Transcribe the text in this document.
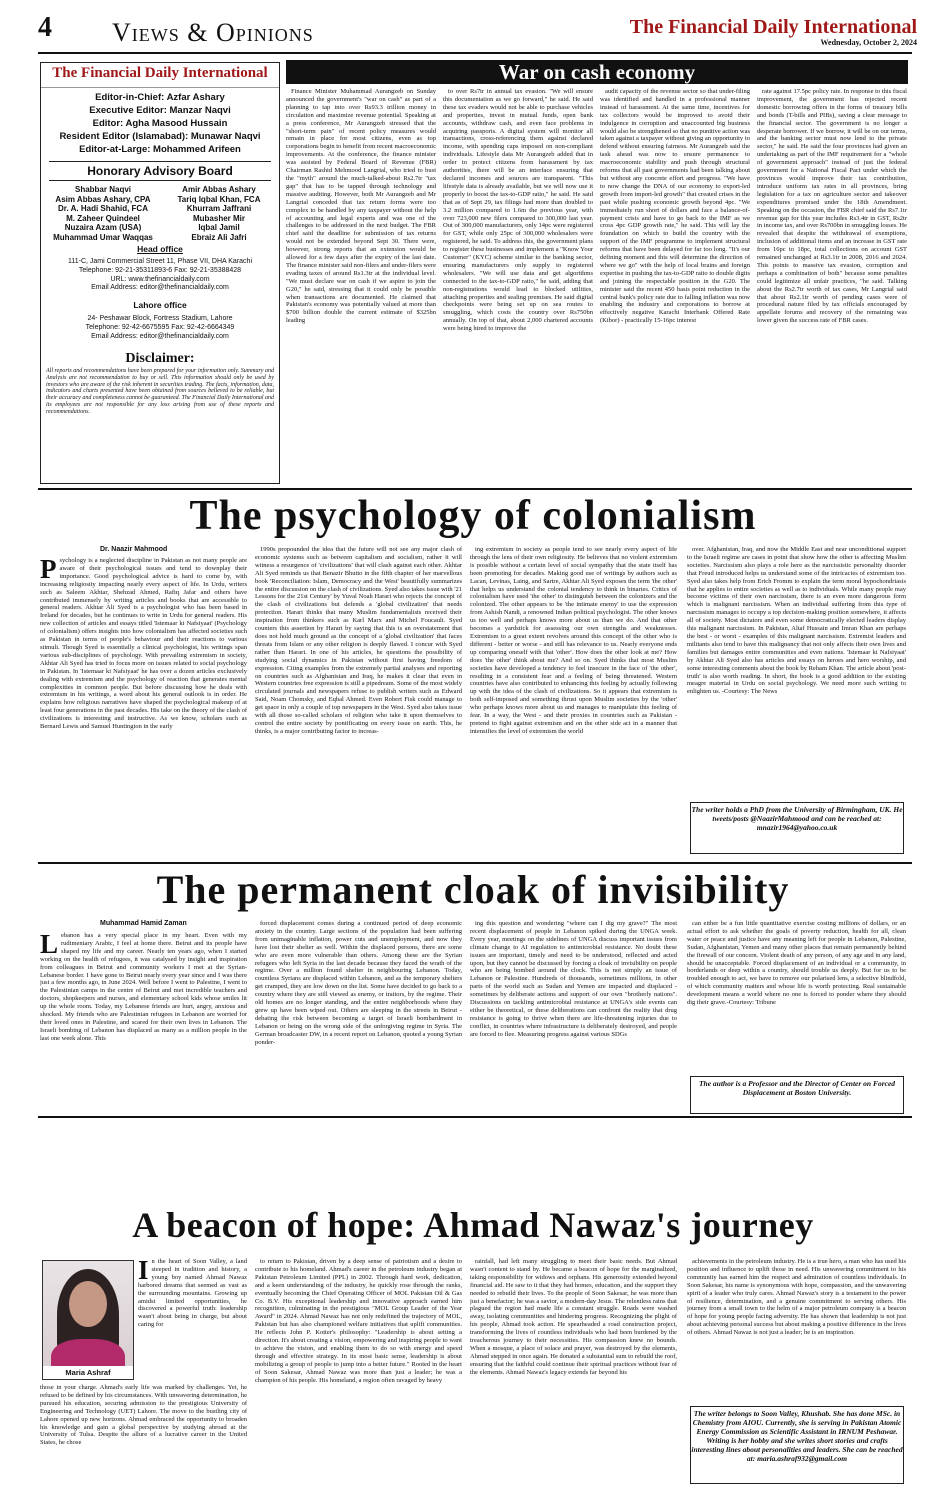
4 Views & Opinions	The Financial Daily International
Wednesday, October 2, 2024
The Financial Daily International
Editor-in-Chief: Azfar Ashary
Executive Editor: Manzar Naqvi
Editor: Agha Masood Hussain
Resident Editor (Islamabad): Munawar Naqvi
Editor-at-Large: Mohammed Arifeen
Honorary Advisory Board
Shabbar Naqvi
Asim Abbas Ashary, CPA
Dr. A. Hadi Shahid, FCA
M. Zaheer Quindeel
Nuzaira Azam (USA)
Muhammad Umar Waqqas
Amir Abbas Ashary
Tariq Iqbal Khan, FCA
Khurram Jaffrani
Mubasher Mir
Iqbal Jamil
Ebraiz Ali Jafri
Head office
111-C, Jami Commercial Street 11, Phase VII, DHA Karachi
Telephone: 92-21-35311893-6 Fax: 92-21-35388428
URL: www.thefinancialdaily.com
Email Address: editor@thefinancialdaily.com
Lahore office
24- Peshawar Block, Fortress Stadium, Lahore
Telephone: 92-42-6675595 Fax: 92-42-6664349
Email Address: editor@thefinancialdaily.com
Disclaimer:
All reports and recommendations have been prepared for your information only. Summary and Analysis are not recommendation to buy or sell. This information should only be used by investors who are aware of the risk inherent in securities trading. The facts, information, data, indicators and charts presented have been obtained from sources believed to be reliable, but their accuracy and completeness cannot be guaranteed. The Financial Daily International and its employees are not responsible for any loss arising from use of these reports and recommendations.
War on cash economy

Finance Minister Muhammad Aurangzeb on Sunday announced the government's "war on cash" as part of a planning to tap into over Rs93.3 trillion money in circulation and maximize revenue potential. Speaking at a press conference, Mr Aurangzeb stressed that the "short-term pain" of recent policy measures would remain in place for most citizens, even as top corporations begin to benefit from recent macroeconomic improvements. At the conference, the finance minister was assisted by Federal Board of Revenue (FBR) Chairman Rashid Mehmood Langrial, who tried to bust the "myth" around the much-talked-about Rs2.7tr "tax gap" that has to be tapped through technology and massive auditing. However, both Mr Aurangzeb and Mr Langrial conceded that tax return forms were too complex to be handled by any taxpayer without the help of accounting and legal experts and was one of the challenges to be addressed in the next budget. The FBR chief said the deadline for submission of tax returns would not be extended beyond Sept 30. There were, however, strong reports that an extension would be allowed for a few days after the expiry of the last date. The finance minister said non-filers and under-filers were evading taxes of around Rs1.3tr at the individual level. "We must declare war on cash if we aspire to join the G20," he said, stressing that it could only be possible when transactions are documented. He claimed that Pakistan's economy was potentially valued at more than $700 billion double the current estimate of $325bn leading

to over Rs7tr in annual tax evasion. "We will ensure this documentation as we go forward," he said. He said these tax evaders would not be able to purchase vehicles and properties, invest in mutual funds, open bank accounts, withdraw cash, and even face problems in acquiring passports. A digital system will monitor all transactions, cross-referencing them against declared income, with spending caps imposed on non-compliant individuals. Lifestyle data Mr Aurangzeb added that in order to protect citizens from harassment by tax authorities, there will be an interface ensuring that declared incomes and sources are transparent. "This lifestyle data is already available, but we will now use it properly to boost the tax-to-GDP ratio," he said. He said that as of Sept 29, tax filings had more than doubled to 3.2 million compared to 1.6m the previous year, with over 723,000 new filers compared to 300,000 last year. Out of 300,000 manufacturers, only 14pc were registered for GST, while only 25pc of 300,000 wholesalers were registered, he said. To address this, the government plans to register these businesses and implement a "Know Your Customer" (KYC) scheme similar to the banking sector, ensuring manufacturers only supply to registered wholesalers. "We will use data and get algorithms connected to the tax-to-GDP ratio," he said, adding that non-registrations would lead to blocked utilities, attaching properties and sealing premises. He said digital checkpoints were being set up on sea routes to smuggling, which costs the country over Rs750bn annually. On top of that, about 2,000 chartered accounts were being hired to improve the

audit capacity of the revenue sector so that under-filing was identified and handled in a professional manner instead of harassment. At the same time, incentives for tax collectors would be improved to avoid their indulgence in corruption and unaccounted big business would also be strengthened so that no punitive action was taken against a taxpayer without giving an opportunity to defend without ensuring fairness. Mr Aurangzeb said the task ahead was now to ensure permanence to macroeconomic stability and push through structural reforms that all past governments had been talking about but without any concrete effort and progress. "We have to now change the DNA of our economy to export-led growth from import-led growth" that created crises in the past while pushing economic growth beyond 4pc. "We immediately run short of dollars and face a balance-of-payment crisis and have to go back to the IMF as we cross 4pc GDP growth rate," he said. This will lay the foundation on which to build the country with the support of the IMF programme to implement structural reforms that have been delayed for far too long. "It's our defining moment and this will determine the direction of where we go" with the help of local brains and foreign expertise in pushing the tax-to-GDP ratio to double digits and joining the respectable position in the G20. The minister said the recent 450 basis point reduction in the central bank's policy rate due to falling inflation was now enabling the industry and corporations to borrow at effectively negative Karachi Interbank Offered Rate (Kibor) - practically 15-16pc interest

rate against 17.5pc policy rate. In response to this fiscal improvement, the government has rejected recent domestic borrowing offers in the forms of treasury bills and bonds (T-bills and PIBs), saving a clear message to the financial sector. The government is no longer a desperate borrower. If we borrow, it will be on our terms, and the banking sector must now lend to the private sector," he said. He said the four provinces had given an undertaking as part of the IMF requirement for a "whole of government approach" instead of just the federal government for a National Fiscal Pact under which the provinces would improve their tax contribution, introduce uniform tax rates in all provinces, bring legislation for a tax on agriculture sector and takeover expenditures promised under the 18th Amendment. Speaking on the occasion, the FBR chief said the Rs7.1tr revenue gap for this year includes Rs3.4tr in GST, Rs2tr in income tax, and over Rs700bn in smuggling losses. He revealed that despite the withdrawal of exemptions, inclusion of additional items and an increase in GST rate from 16pc to 18pc, total collections on account GST remained unchanged at Rs3.1tr in 2008, 2016 and 2024. This points to massive tax evasion, corruption and perhaps a combination of both" because some penalties could legitimize all unfair practices, "he said. Talking about the Rs2.7tr worth of tax cases, Mr Langrial said that about Rs2.1tr worth of pending cases were of procedural nature filed by tax officials encouraged by appellate forums and recovery of the remaining was lower given the success rate of FBR cases.

The psychology of colonialism
Dr. Naazir Mahmood
Psychology is a neglected discipline in Pakistan as not many people are aware of their psychological issues and tend to downplay their importance. Good psychological advice is hard to come by, with increasing religiosity impacting nearly every aspect of life. In Urdu, writers such as Saleem Akhtar, Shehzad Ahmed, Rafiq Jafar and others have contributed immensely by writing articles and books that are accessible to general readers. Akhtar Ali Syed is a psychologist who has been based in Ireland for decades, but he continues to write in Urdu for general readers. His new collection of articles and essays titled 'Istemaar ki Nafsiyaat' (Psychology of colonialism) offers insights into how colonialism has affected societies such as Pakistan in terms of people's behaviour and their reactions to various stimuli. Though Syed is essentially a clinical psychologist, his writings span various sub-disciplines of psychology. With prevailing extremism in society, Akhtar Ali Syed has tried to focus more on issues related to social psychology in Pakistan. In 'Istemaar ki Nafsiyaat' he has over a dozen articles exclusively dealing with extremism and the psychology of reaction that generates mental complexities in common people. But before discussing how he deals with extremism in his writings, a word about his general outlook is in order. He explains how religious narratives have shaped the psychological makeup of at least four generations in the past decades. His take on the theory of the clash of civilizations is interesting and instructive. As we know, scholars such as Bernard Lewis and Samuel Huntington in the early

1990s propounded the idea that the future will not see any major clash of economic systems such as between capitalism and socialism, rather it will witness a resurgence of 'civilizations' that will clash against each other. Akhtar Ali Syed reminds us that Benazir Bhutto in the fifth chapter of her marvellous book 'Reconciliation: Islam, Democracy and the West' beautifully summarizes the entire discussion on the clash of civilizations. Syed also takes issue with '21 Lessons for the 21st Century' by Yuval Noah Harari who rejects the concept of the clash of civilizations but defends a 'global civilization' that needs protection. Harari thinks that many Muslim fundamentalists received their inspiration from thinkers such as Karl Marx and Michel Foucault. Syed counters this assertion by Harari by saying that this is an overstatement that does not hold much ground as the concept of a 'global civilization' that faces threats from Islam or any other religion is deeply flawed. I concur with Syed rather than Harari. In one of his articles, he questions the possibility of studying social dynamics in Pakistan without first having freedom of expression. Citing examples from the extremely partial analyses and reporting on countries such as Afghanistan and Iraq, he makes it clear that even in Western countries free expression is still a pipedream. Some of the most widely circulated journals and newspapers refuse to publish writers such as Edward Said, Noam Chomsky, and Eqbal Ahmed. Even Robert Fisk could manage to get space in only a couple of top newspapers in the West. Syed also takes issue with all those so-called scholars of religion who take it upon themselves to control the entire society by pontificating on every issue on earth. This, he thinks, is a major contributing factor to increas-

ing extremism in society as people tend to see nearly every aspect of life through the lens of their own religiosity. He believes that no violent extremism is possible without a certain level of social sympathy that the state itself has been promoting for decades. Making good use of writings by authors such as Lacan, Levinas, Laing, and Sartre, Akhtar Ali Syed exposes the term 'the other' that helps us understand the colonial tendency to think in binaries. Critics of colonialism have used 'the other' to distinguish between the colonizers and the colonized. The other appears to be 'the intimate enemy' to use the expression from Ashish Nandi, a renowned Indian political psychologist. The other knows us too well and perhaps knows more about us than we do. And that other becomes a yardstick for assessing our own strengths and weaknesses. Extremism to a great extent revolves around this concept of the other who is different - better or worse - and still has relevance to us. Nearly everyone ends up comparing oneself with that 'other'. How does the other look at me? How does 'the other' think about me? And so on. Syed thinks that most Muslim societies have developed a tendency to feel insecure in the face of 'the other', resulting in a consistent fear and a feeling of being threatened. Western countries have also contributed to enhancing this feeling by actually following up with the idea of the clash of civilizations. So it appears that extremism is both self-imposed and something thrust upon Muslim societies by the 'other' who perhaps knows more about us and manages to manipulate this feeling of fear. In a way, the West - and their proxies in countries such as Pakistan - pretend to fight against extremism and on the other side act in a manner that intensifies the level of extremism the world

over. Afghanistan, Iraq, and now the Middle East and near unconditional support to the Israeli regime are cases in point that show how the other is affecting Muslim societies. Narcissism also plays a role here as the narcissistic personality disorder that Freud introduced helps us understand some of the intricacies of extremism too. Syed also takes help from Erich Fromm to explain the term moral hypochondriasis that he applies to entire societies as well as to individuals. While many people may become victims of their own narcissism, there is an even more dangerous form which is malignant narcissism. When an individual suffering from this type of narcissism manages to occupy a top decision-making position somewhere, it affects all of society. Most dictators and even some democratically elected leaders display this malignant narcissism. In Pakistan, Altaf Hussain and Imran Khan are perhaps the best - or worst - examples of this malignant narcissism. Extremist leaders and militants also tend to have this malignancy that not only affects their own lives and families but damages entire communities and even nations. 'Istemaar ki Nafsiyaat' by Akhtar Ali Syed also has articles and essays on heroes and hero worship, and some interesting comments about the book by Reham Khan. The article about 'post-truth' is also worth reading. In short, the book is a good addition to the existing meagre material in Urdu on social psychology. We need more such writing to enlighten us. -Courtesy: The News

The writer holds a PhD from the University of Birmingham, UK. He tweets/posts @NaazirMahmood and can be reached at: mnazir1964@yahoo.co.uk
The permanent cloak of invisibility
Muhammad Hamid Zaman
Lebanon has a very special place in my heart. Even with my rudimentary Arabic, I feel at home there. Beirut and its people have shaped my life and my career. Nearly ten years ago, when I started working on the health of refugees, it was catalysed by insight and inspiration from colleagues in Beirut and community workers I met at the Syrian-Lebanese border. I have gone to Beirut nearly every year since and I was there just a few months ago, in June 2024. Well before I went to Palestine, I went to the Palestinian camps in the centre of Beirut and met incredible teachers and doctors, shopkeepers and nurses, and elementary school kids whose smiles lit up the whole room. Today, my Lebanese friends are hurt, angry, anxious and shocked. My friends who are Palestinian refugees in Lebanon are worried for their loved ones in Palestine, and scared for their own lives in Lebanon. The Israeli bombing of Lebanon has displaced as many as a million people in the last one week alone. This

forced displacement comes during a continued period of deep economic anxiety in the country. Large sections of the population had been suffering from unimaginable inflation, power cuts and unemployment, and now they have lost their shelter as well. Within the displaced persons, there are some who are even more vulnerable than others. Among these are the Syrian refugees who left Syria in the last decade because they faced the wrath of the regime. Over a million found shelter in neighbouring Lebanon. Today, countless Syrians are displaced within Lebanon, and as the temporary shelters get cramped, they are low down on the list. Some have decided to go back to a country where they are still viewed as enemy, or traitors, by the regime. Their old homes are no longer standing, and the entire neighborhoods where they grew up have been wiped out. Others are sleeping in the streets in Beirut - debating the risk between becoming a target of Israeli bombardment in Lebanon or being on the wrong side of the unforgiving regime in Syria. The German broadcaster DW, in a recent report on Lebanon, quoted a young Syrian ponder-

ing this question and wondering "where can I dig my grave?" The most recent displacement of people in Lebanon spiked during the UNGA week. Every year, meetings on the sidelines of UNGA discuss important issues from climate change to AI regulation to antimicrobial resistance. No doubt these issues are important, timely and need to be understood, reflected and acted upon, but they cannot be discussed by forcing a cloak of invisibility on people who are being bombed around the clock. This is not simply an issue of Lebanon or Palestine. Hundreds of thousands, sometimes millions, in other parts of the world such as Sudan and Yemen are impacted and displaced - sometimes by deliberate actions and support of our own "brotherly nations". Discussions on tackling antimicrobial resistance at UNGA's side events can either be theoretical, or these deliberations can confront the reality that drug resistance is going to thrive when there are life-threatening injuries due to conflict, in countries where infrastructure is deliberately destroyed, and people are forced to flee. Measuring progress against various SDGs

can either be a fun little quantitative exercise costing millions of dollars, or an actual effort to ask whether the goals of poverty reduction, health for all, clean water or peace and justice have any meaning left for people in Lebanon, Palestine, Sudan, Afghanistan, Yemen and many other places that remain permanently behind the firewall of our concern. Violent death of any person, of any age and in any land, should be unacceptable. Forced displacement of an individual or a community, in borderlands or deep within a country, should trouble us deeply. But for us to be troubled enough to act, we have to remove our polarised lens, a selective blindfold, of which community matters and whose life is worth protecting. Real sustainable development means a world where no one is forced to ponder where they should dig their grave.-Courtesy: Tribune

The author is a Professor and the Director of Center on Forced Displacement at Boston University.
A beacon of hope: Ahmad Nawaz's journey
Maria Ashraf
In the heart of Soon Valley, a land steeped in tradition and history, a young boy named Ahmad Nawaz harbored dreams that seemed as vast as the surrounding mountains. Growing up amidst limited opportunities, he discovered a powerful truth: leadership wasn't about being in charge, but about caring for

those in your charge. Ahmad's early life was marked by challenges. Yet, he refused to be defined by his circumstances. With unwavering determination, he pursued his education, securing admission to the prestigious University of Engineering and Technology (UET) Lahore. The move to the bustling city of Lahore opened up new horizons. Ahmad embraced the opportunity to broaden his knowledge and gain a global perspective by studying abroad at the University of Tulsa. Despite the allure of a lucrative career in the United States, he chose

to return to Pakistan, driven by a deep sense of patriotism and a desire to contribute to his homeland. Ahmad's career in the petroleum industry began at Pakistan Petroleum Limited (PPL) in 2002. Through hard work, dedication, and a keen understanding of the industry, he quickly rose through the ranks, eventually becoming the Chief Operating Officer of MOL Pakistan Oil & Gas Co. B.V. His exceptional leadership and innovative approach earned him recognition, culminating in the prestigious "MOL Group Leader of the Year Award" in 2024. Ahmad Nawaz has not only redefined the trajectory of MOL, Pakistan but has also championed welfare initiatives that uplift communities. He reflects John P. Kotter's philosophy: "Leadership is about setting a direction. It's about creating a vision, empowering and inspiring people to want to achieve the vision, and enabling them to do so with energy and speed through and effective strategy. In its most basic sense, leadership is about mobilizing a group of people to jump into a better future." Rooted in the heart of Soon Sakesar, Ahmad Nawaz was more than just a leader; he was a champion of his people. His homeland, a region often ravaged by heavy

rainfall, had left many struggling to meet their basic needs. But Ahmad wasn't content to stand by. He became a beacon of hope for the marginalized, taking responsibility for widows and orphans. His generosity extended beyond financial aid. He saw to it that they had homes, education, and the support they needed to rebuild their lives. To the people of Soon Sakesar, he was more than just a benefactor; he was a savior, a modern-day Jesus. The relentless rains that plagued the region had made life a constant struggle. Roads were washed away, isolating communities and hindering progress. Recognizing the plight of his people, Ahmad took action. He spearheaded a road construction project, transforming the lives of countless individuals who had been burdened by the treacherous journey to their necessities. His compassion knew no bounds. When a mosque, a place of solace and prayer, was destroyed by the elements, Ahmad stepped in once again. He donated a substantial sum to rebuild the roof, ensuring that the faithful could continue their spiritual practices without fear of the elements. Ahmad Nawaz's legacy extends far beyond his

achievements in the petroleum industry. He is a true hero, a man who has used his position and influence to uplift those in need. His unwavering commitment to his community has earned him the respect and admiration of countless individuals. In Soon Sakesar, his name is synonymous with hope, compassion, and the unwavering spirit of a leader who truly cares. Ahmad Nawaz's story is a testament to the power of resilience, determination, and a genuine commitment to serving others. His journey from a small town to the helm of a major petroleum company is a beacon of hope for young people facing adversity. He has shown that leadership is not just about achieving personal success but about making a positive difference in the lives of others. Ahmad Nawaz is not just a leader; he is an inspiration.

The writer belongs to Soon Valley, Khushab. She has done MSc. in Chemistry from AIOU. Currently, she is serving in Pakistan Atomic Energy Commission as Scientific Assistant in IRNUM Peshawar. Writing is her hobby and she writes short stories and crafts interesting lines about personalities and leaders. She can be reached at: maria.ashraf932@gmail.com
